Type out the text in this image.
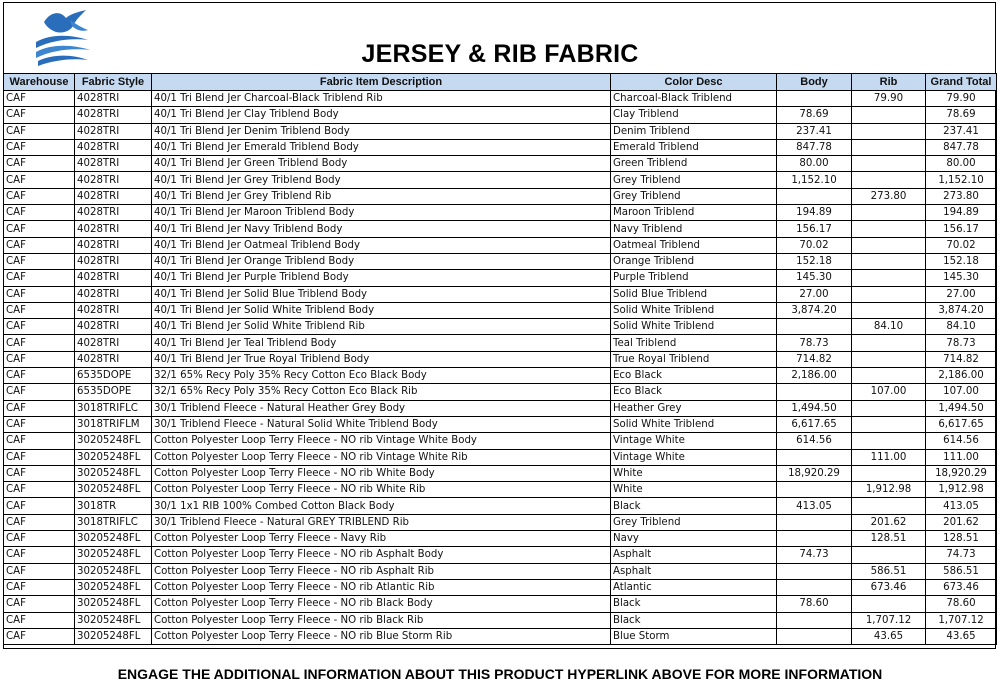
JERSEY & RIB FABRIC
Warehouse	Fabric Style	Fabric Item Description	Color Desc	Body	Rib	Grand Total
CAF	4028TRI	40/1 Tri Blend Jer Charcoal-Black Triblend Rib	Charcoal-Black Triblend		79.90	79.90
CAF	4028TRI	40/1 Tri Blend Jer Clay Triblend Body	Clay Triblend	78.69		78.69
CAF	4028TRI	40/1 Tri Blend Jer Denim Triblend Body	Denim Triblend	237.41		237.41
CAF	4028TRI	40/1 Tri Blend Jer Emerald Triblend Body	Emerald Triblend	847.78		847.78
CAF	4028TRI	40/1 Tri Blend Jer Green Triblend Body	Green Triblend	80.00		80.00
CAF	4028TRI	40/1 Tri Blend Jer Grey Triblend Body	Grey Triblend	1,152.10		1,152.10
CAF	4028TRI	40/1 Tri Blend Jer Grey Triblend Rib	Grey Triblend		273.80	273.80
CAF	4028TRI	40/1 Tri Blend Jer Maroon Triblend Body	Maroon Triblend	194.89		194.89
CAF	4028TRI	40/1 Tri Blend Jer Navy Triblend Body	Navy Triblend	156.17		156.17
CAF	4028TRI	40/1 Tri Blend Jer Oatmeal Triblend Body	Oatmeal Triblend	70.02		70.02
CAF	4028TRI	40/1 Tri Blend Jer Orange Triblend Body	Orange Triblend	152.18		152.18
CAF	4028TRI	40/1 Tri Blend Jer Purple Triblend Body	Purple Triblend	145.30		145.30
CAF	4028TRI	40/1 Tri Blend Jer Solid Blue Triblend Body	Solid Blue Triblend	27.00		27.00
CAF	4028TRI	40/1 Tri Blend Jer Solid White Triblend Body	Solid White Triblend	3,874.20		3,874.20
CAF	4028TRI	40/1 Tri Blend Jer Solid White Triblend Rib	Solid White Triblend		84.10	84.10
CAF	4028TRI	40/1 Tri Blend Jer Teal Triblend Body	Teal Triblend	78.73		78.73
CAF	4028TRI	40/1 Tri Blend Jer True Royal Triblend Body	True Royal Triblend	714.82		714.82
CAF	6535DOPE	32/1 65% Recy Poly 35% Recy Cotton Eco Black Body	Eco Black	2,186.00		2,186.00
CAF	6535DOPE	32/1 65% Recy Poly 35% Recy Cotton Eco Black Rib	Eco Black		107.00	107.00
CAF	3018TRIFLC	30/1 Triblend Fleece - Natural Heather Grey Body	Heather Grey	1,494.50		1,494.50
CAF	3018TRIFLM	30/1 Triblend Fleece - Natural Solid White Triblend Body	Solid White Triblend	6,617.65		6,617.65
CAF	30205248FL	Cotton Polyester Loop Terry Fleece - NO rib Vintage White Body	Vintage White	614.56		614.56
CAF	30205248FL	Cotton Polyester Loop Terry Fleece - NO rib Vintage White Rib	Vintage White		111.00	111.00
CAF	30205248FL	Cotton Polyester Loop Terry Fleece - NO rib White Body	White	18,920.29		18,920.29
CAF	30205248FL	Cotton Polyester Loop Terry Fleece - NO rib White Rib	White		1,912.98	1,912.98
CAF	3018TR	30/1 1x1 RIB 100% Combed Cotton Black Body	Black	413.05		413.05
CAF	3018TRIFLC	30/1 Triblend Fleece - Natural GREY TRIBLEND Rib	Grey Triblend		201.62	201.62
CAF	30205248FL	Cotton Polyester Loop Terry Fleece - Navy Rib	Navy		128.51	128.51
CAF	30205248FL	Cotton Polyester Loop Terry Fleece - NO rib Asphalt Body	Asphalt	74.73		74.73
CAF	30205248FL	Cotton Polyester Loop Terry Fleece - NO rib Asphalt Rib	Asphalt		586.51	586.51
CAF	30205248FL	Cotton Polyester Loop Terry Fleece - NO rib Atlantic Rib	Atlantic		673.46	673.46
CAF	30205248FL	Cotton Polyester Loop Terry Fleece - NO rib Black Body	Black	78.60		78.60
CAF	30205248FL	Cotton Polyester Loop Terry Fleece - NO rib Black Rib	Black		1,707.12	1,707.12
CAF	30205248FL	Cotton Polyester Loop Terry Fleece - NO rib Blue Storm Rib	Blue Storm		43.65	43.65
ENGAGE THE ADDITIONAL INFORMATION ABOUT THIS PRODUCT HYPERLINK ABOVE FOR MORE INFORMATION
